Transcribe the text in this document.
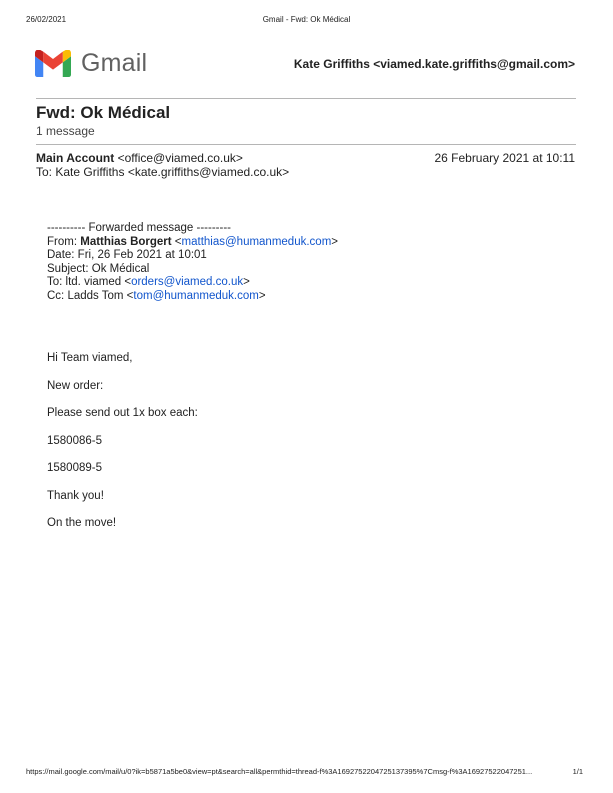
26/02/2021	Gmail - Fwd: Ok Médical
Gmail	Kate Griffiths <viamed.kate.griffiths@gmail.com>
Fwd: Ok Médical
1 message
Main Account <office@viamed.co.uk>	26 February 2021 at 10:11
To: Kate Griffiths <kate.griffiths@viamed.co.uk>

---------- Forwarded message ---------

From: Matthias Borgert <matthias@humanmeduk.com>

Date: Fri, 26 Feb 2021 at 10:01

Subject: Ok Médical

To: ltd. viamed <orders@viamed.co.uk>

Cc: Ladds Tom <tom@humanmeduk.com>

Hi Team viamed,

New order:

Please send out 1x box each:

1580086-5

1580089-5

Thank you!

On the move!

https://mail.google.com/mail/u/0?ik=b5871a5be0&view=pt&search=all&permthid=thread-f%3A1692752204725137395%7Cmsg-f%3A16927522047251...	1/1
